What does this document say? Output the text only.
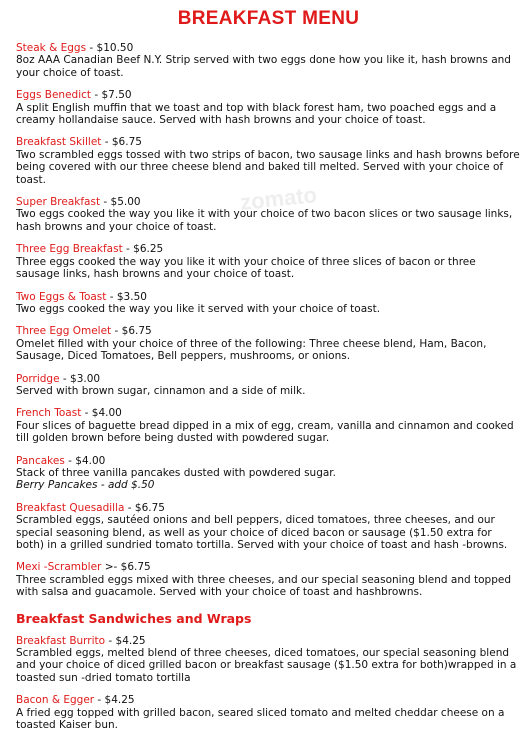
zomato
BREAKFAST MENU
Steak & Eggs - $10.50

8oz AAA Canadian Beef N.Y. Strip served with two eggs done how you like it, hash browns and your choice of toast.

Eggs Benedict - $7.50

A split English muffin that we toast and top with black forest ham, two poached eggs and a creamy hollandaise sauce. Served with hash browns and your choice of toast.

Breakfast Skillet - $6.75

Two scrambled eggs tossed with two strips of bacon, two sausage links and hash browns before being covered with our three cheese blend and baked till melted. Served with your choice of toast.

Super Breakfast - $5.00

Two eggs cooked the way you like it with your choice of two bacon slices or two sausage links, hash browns and your choice of toast.

Three Egg Breakfast - $6.25

Three eggs cooked the way you like it with your choice of three slices of bacon or three sausage links, hash browns and your choice of toast.

Two Eggs & Toast - $3.50

Two eggs cooked the way you like it served with your choice of toast.

Three Egg Omelet - $6.75

Omelet filled with your choice of three of the following: Three cheese blend, Ham, Bacon, Sausage, Diced Tomatoes, Bell peppers, mushrooms, or onions.

Porridge - $3.00

Served with brown sugar, cinnamon and a side of milk.

French Toast - $4.00

Four slices of baguette bread dipped in a mix of egg, cream, vanilla and cinnamon and cooked till golden brown before being dusted with powdered sugar.

Pancakes - $4.00

Stack of three vanilla pancakes dusted with powdered sugar.

Berry Pancakes - add $.50
Breakfast Quesadilla - $6.75

Scrambled eggs, sautéed onions and bell peppers, diced tomatoes, three cheeses, and our special seasoning blend, as well as your choice of diced bacon or sausage ($1.50 extra for both) in a grilled sundried tomato tortilla. Served with your choice of toast and hash -browns.

Mexi -Scrambler >- $6.75

Three scrambled eggs mixed with three cheeses, and our special seasoning blend and topped with salsa and guacamole. Served with your choice of toast and hashbrowns.

Breakfast Sandwiches and Wraps
Breakfast Burrito - $4.25

Scrambled eggs, melted blend of three cheeses, diced tomatoes, our special seasoning blend and your choice of diced grilled bacon or breakfast sausage ($1.50 extra for both)wrapped in a toasted sun -dried tomato tortilla

Bacon & Egger - $4.25

A fried egg topped with grilled bacon, seared sliced tomato and melted cheddar cheese on a toasted Kaiser bun.
